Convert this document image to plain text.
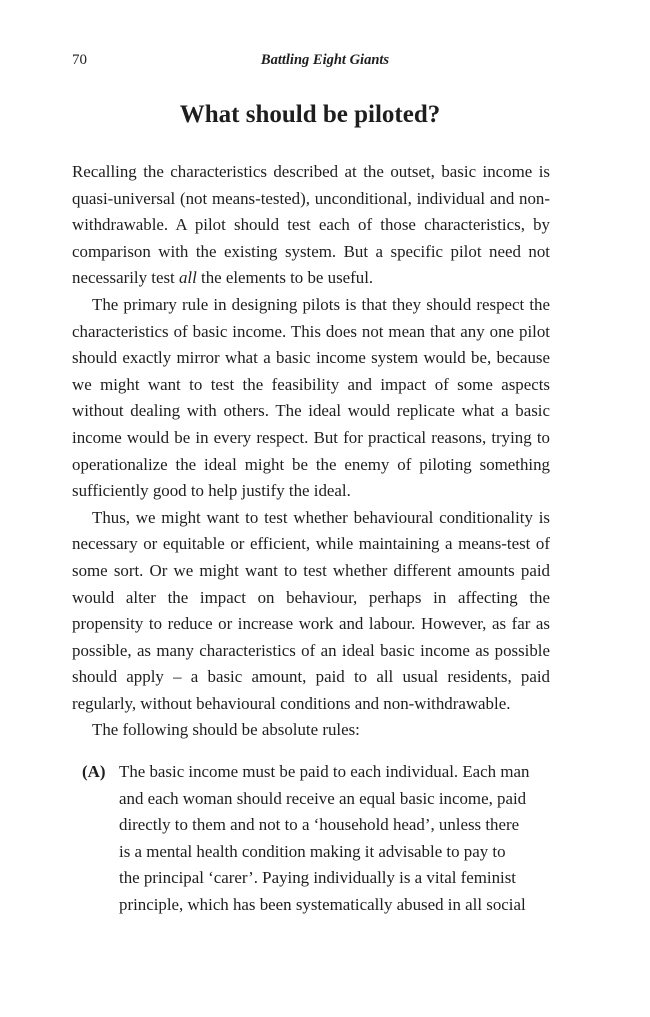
70	Battling Eight Giants
What should be piloted?

Recalling the characteristics described at the outset, basic income is quasi-universal (not means-tested), unconditional, individual and non-withdrawable. A pilot should test each of those characteristics, by comparison with the existing system. But a specific pilot need not necessarily test all the elements to be useful.

The primary rule in designing pilots is that they should respect the characteristics of basic income. This does not mean that any one pilot should exactly mirror what a basic income system would be, because we might want to test the feasibility and impact of some aspects without dealing with others. The ideal would replicate what a basic income would be in every respect. But for practical reasons, trying to operationalize the ideal might be the enemy of piloting something sufficiently good to help justify the ideal.

Thus, we might want to test whether behavioural conditionality is necessary or equitable or efficient, while maintaining a means-test of some sort. Or we might want to test whether different amounts paid would alter the impact on behaviour, perhaps in affecting the propensity to reduce or increase work and labour. However, as far as possible, as many characteristics of an ideal basic income as possible should apply – a basic amount, paid to all usual residents, paid regularly, without behavioural conditions and non-withdrawable.

The following should be absolute rules:

(A) The basic income must be paid to each individual. Each man
and each woman should receive an equal basic income, paid
directly to them and not to a ‘household head’, unless there
is a mental health condition making it advisable to pay to
the principal ‘carer’. Paying individually is a vital feminist
principle, which has been systematically abused in all social
